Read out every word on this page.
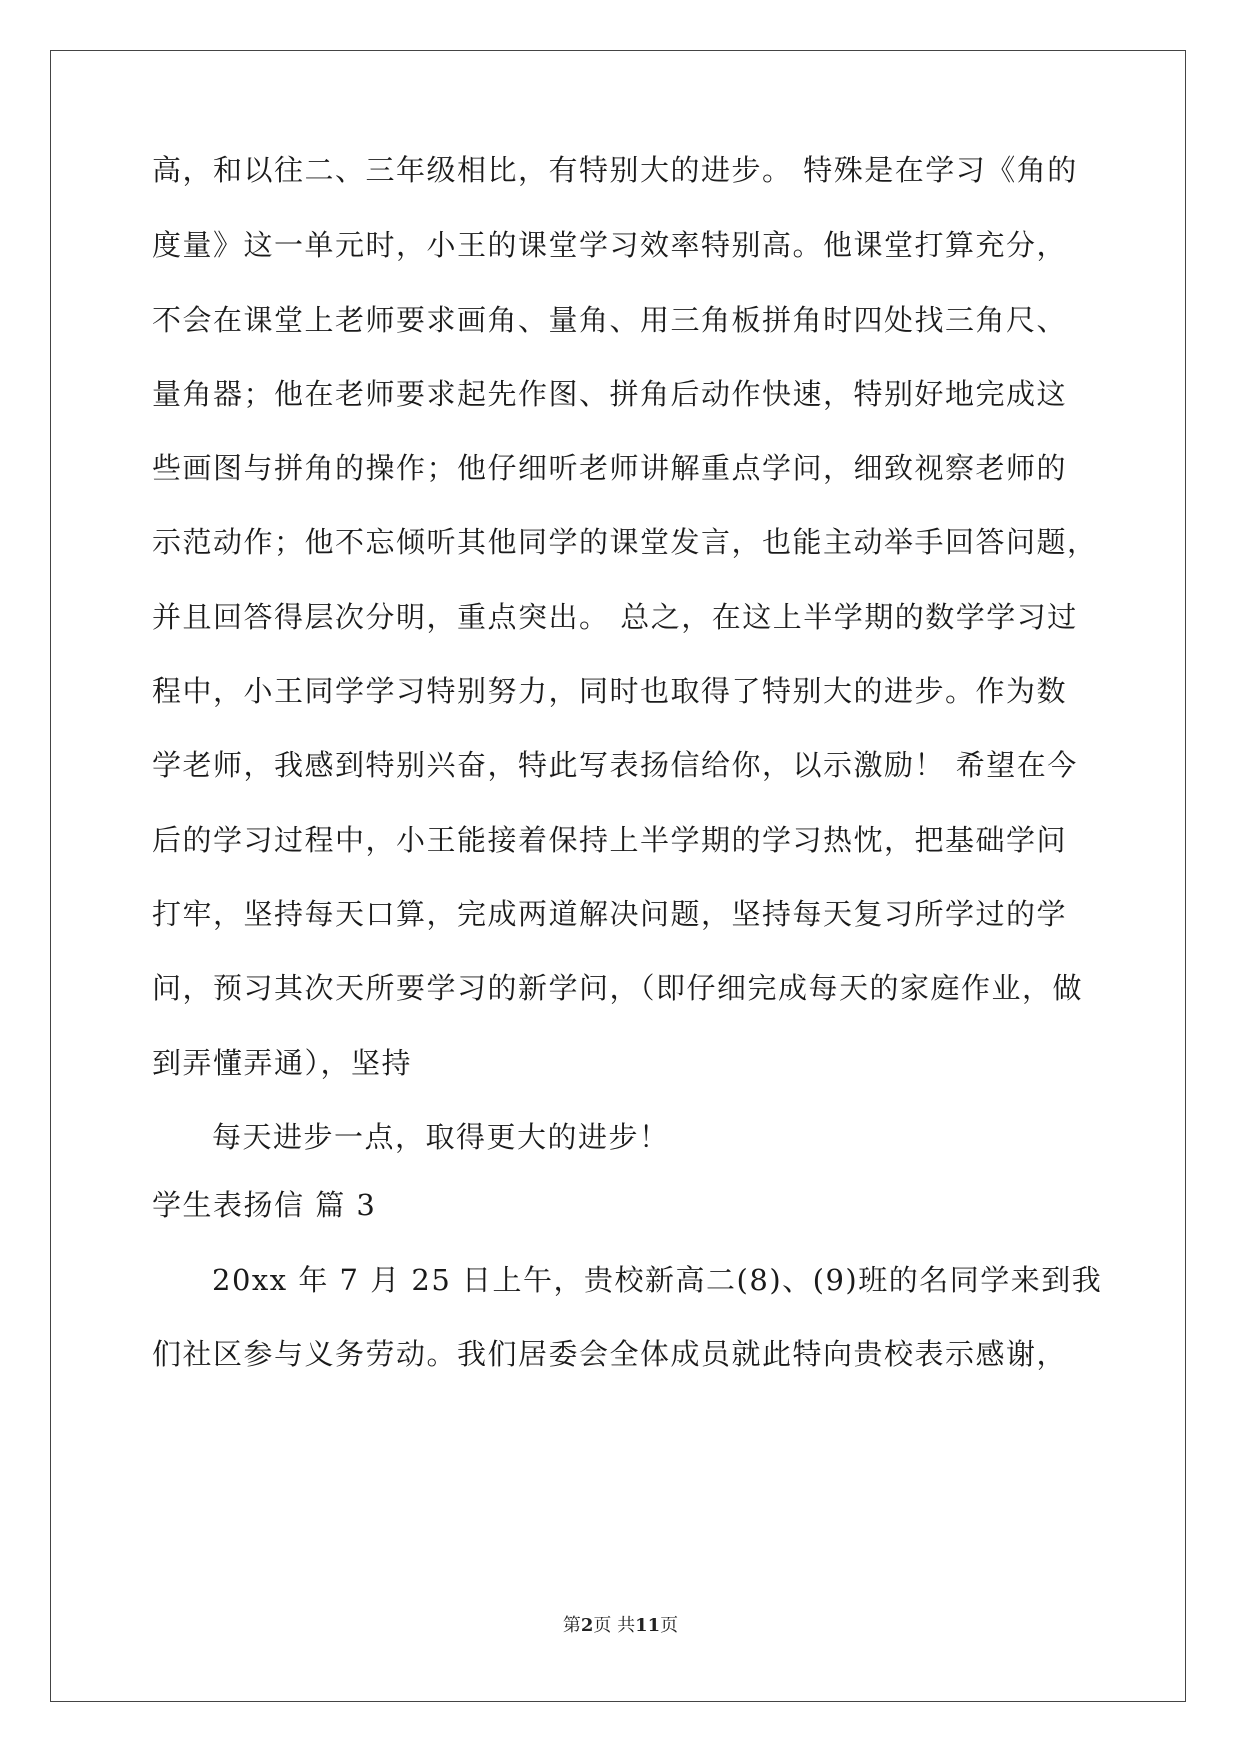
高，和以往二、三年级相比，有特别大的进步。 特殊是在学习《角的
度量》这一单元时，小王的课堂学习效率特别高。他课堂打算充分，
不会在课堂上老师要求画角、量角、用三角板拼角时四处找三角尺、
量角器；他在老师要求起先作图、拼角后动作快速，特别好地完成这
些画图与拼角的操作；他仔细听老师讲解重点学问，细致视察老师的
示范动作；他不忘倾听其他同学的课堂发言，也能主动举手回答问题，
并且回答得层次分明，重点突出。 总之，在这上半学期的数学学习过
程中，小王同学学习特别努力，同时也取得了特别大的进步。作为数
学老师，我感到特别兴奋，特此写表扬信给你，以示激励！ 希望在今
后的学习过程中，小王能接着保持上半学期的学习热忱，把基础学问
打牢，坚持每天口算，完成两道解决问题，坚持每天复习所学过的学
问，预习其次天所要学习的新学问，（即仔细完成每天的家庭作业，做
到弄懂弄通），坚持
每天进步一点，取得更大的进步！
学生表扬信 篇 3
20xx 年 7 月 25 日上午，贵校新高二(8)、(9)班的名同学来到我
们社区参与义务劳动。我们居委会全体成员就此特向贵校表示感谢，
第2页 共11页
